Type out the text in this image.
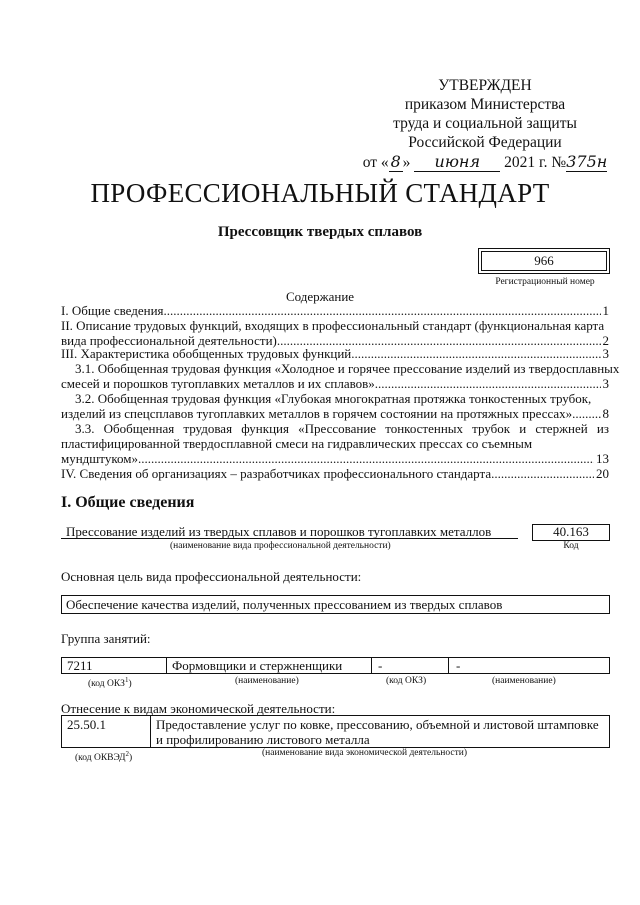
УТВЕРЖДЕН
приказом Министерства
труда и социальной защиты
Российской Федерации
от « 8 » июня 2021 г. №375н
ПРОФЕССИОНАЛЬНЫЙ СТАНДАРТ
Прессовщик твердых сплавов
966
Регистрационный номер
Содержание
I. Общие сведения .....	1
II. Описание трудовых функций, входящих в профессиональный стандарт (функциональная карта
вида профессиональной деятельности) .....	2
III. Характеристика обобщенных трудовых функций .....	3
3.1. Обобщенная трудовая функция «Холодное и горячее прессование изделий из твердосплавных
смесей и порошков тугоплавких металлов и их сплавов» .....	3
3.2. Обобщенная трудовая функция «Глубокая многократная протяжка тонкостенных трубок,
изделий из спецсплавов тугоплавких металлов в горячем состоянии на протяжных прессах» ..... 8
3.3. Обобщенная трудовая функция «Прессование тонкостенных трубок и стержней из пластифицированной твердосплавной смеси на гидравлических прессах со съемным
мундштуком» .....	13
IV. Сведения об организациях – разработчиках профессионального стандарта .....	20
I. Общие сведения
Прессование изделий из твердых сплавов и порошков тугоплавких металлов
(наименование вида профессиональной деятельности)
40.163
Код
Основная цель вида профессиональной деятельности:
Обеспечение качества изделий, полученных прессованием из твердых сплавов
Группа занятий:
7211	Формовщики и стержненщики	-	-
(код ОКЗ$^1$)	(наименование)	(код ОКЗ)	(наименование)
Отнесение к видам экономической деятельности:
25.50.1	Предоставление услуг по ковке, прессованию, объемной и листовой штамповке
и профилированию листового металла
(код ОКВЭД$^2$)
(наименование вида экономической деятельности)
